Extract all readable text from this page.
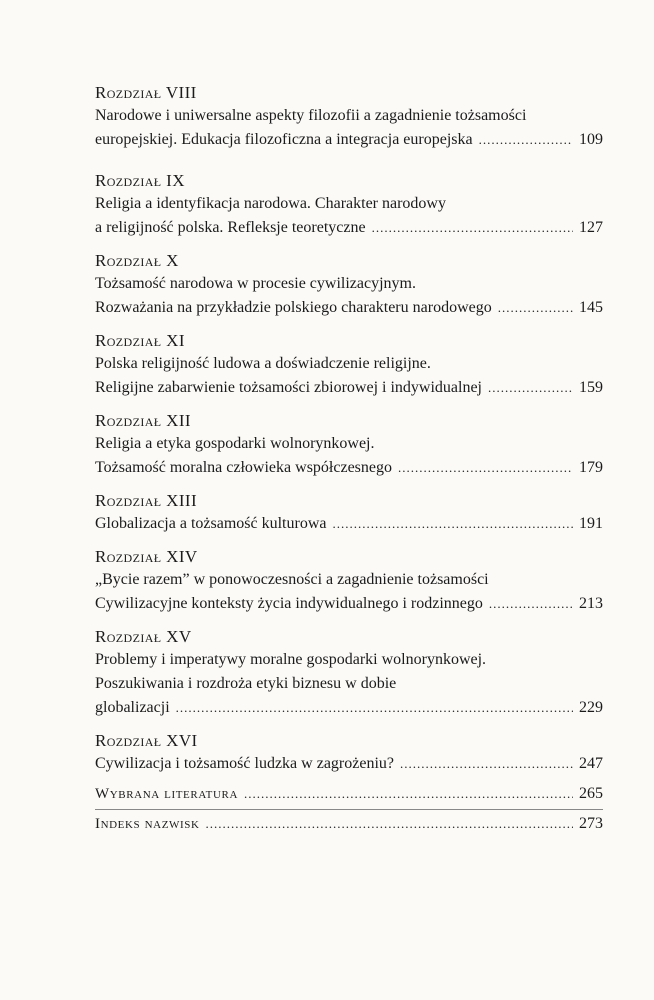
Rozdział VIII
Narodowe i uniwersalne aspekty filozofii a zagadnienie tożsamości
europejskiej. Edukacja filozoficzna a integracja europejska .....	109
Rozdział IX
Religia a identyfikacja narodowa. Charakter narodowy
a religijność polska. Refleksje teoretyczne .....	127
Rozdział X
Tożsamość narodowa w procesie cywilizacyjnym.
Rozważania na przykładzie polskiego charakteru narodowego .....	145
Rozdział XI
Polska religijność ludowa a doświadczenie religijne.
Religijne zabarwienie tożsamości zbiorowej i indywidualnej .....	159
Rozdział XII
Religia a etyka gospodarki wolnorynkowej.
Tożsamość moralna człowieka współczesnego .....	179
Rozdział XIII
Globalizacja a tożsamość kulturowa .....	191
Rozdział XIV
„Bycie razem” w ponowoczesności a zagadnienie tożsamości
Cywilizacyjne konteksty życia indywidualnego i rodzinnego .....	213
Rozdział XV
Problemy i imperatywy moralne gospodarki wolnorynkowej.
Poszukiwania i rozdroża etyki biznesu w dobie
globalizacji .....	229
Rozdział XVI
Cywilizacja i tożsamość ludzka w zagrożeniu? .....	247
Wybrana literatura .....	265
Indeks nazwisk .....	273
